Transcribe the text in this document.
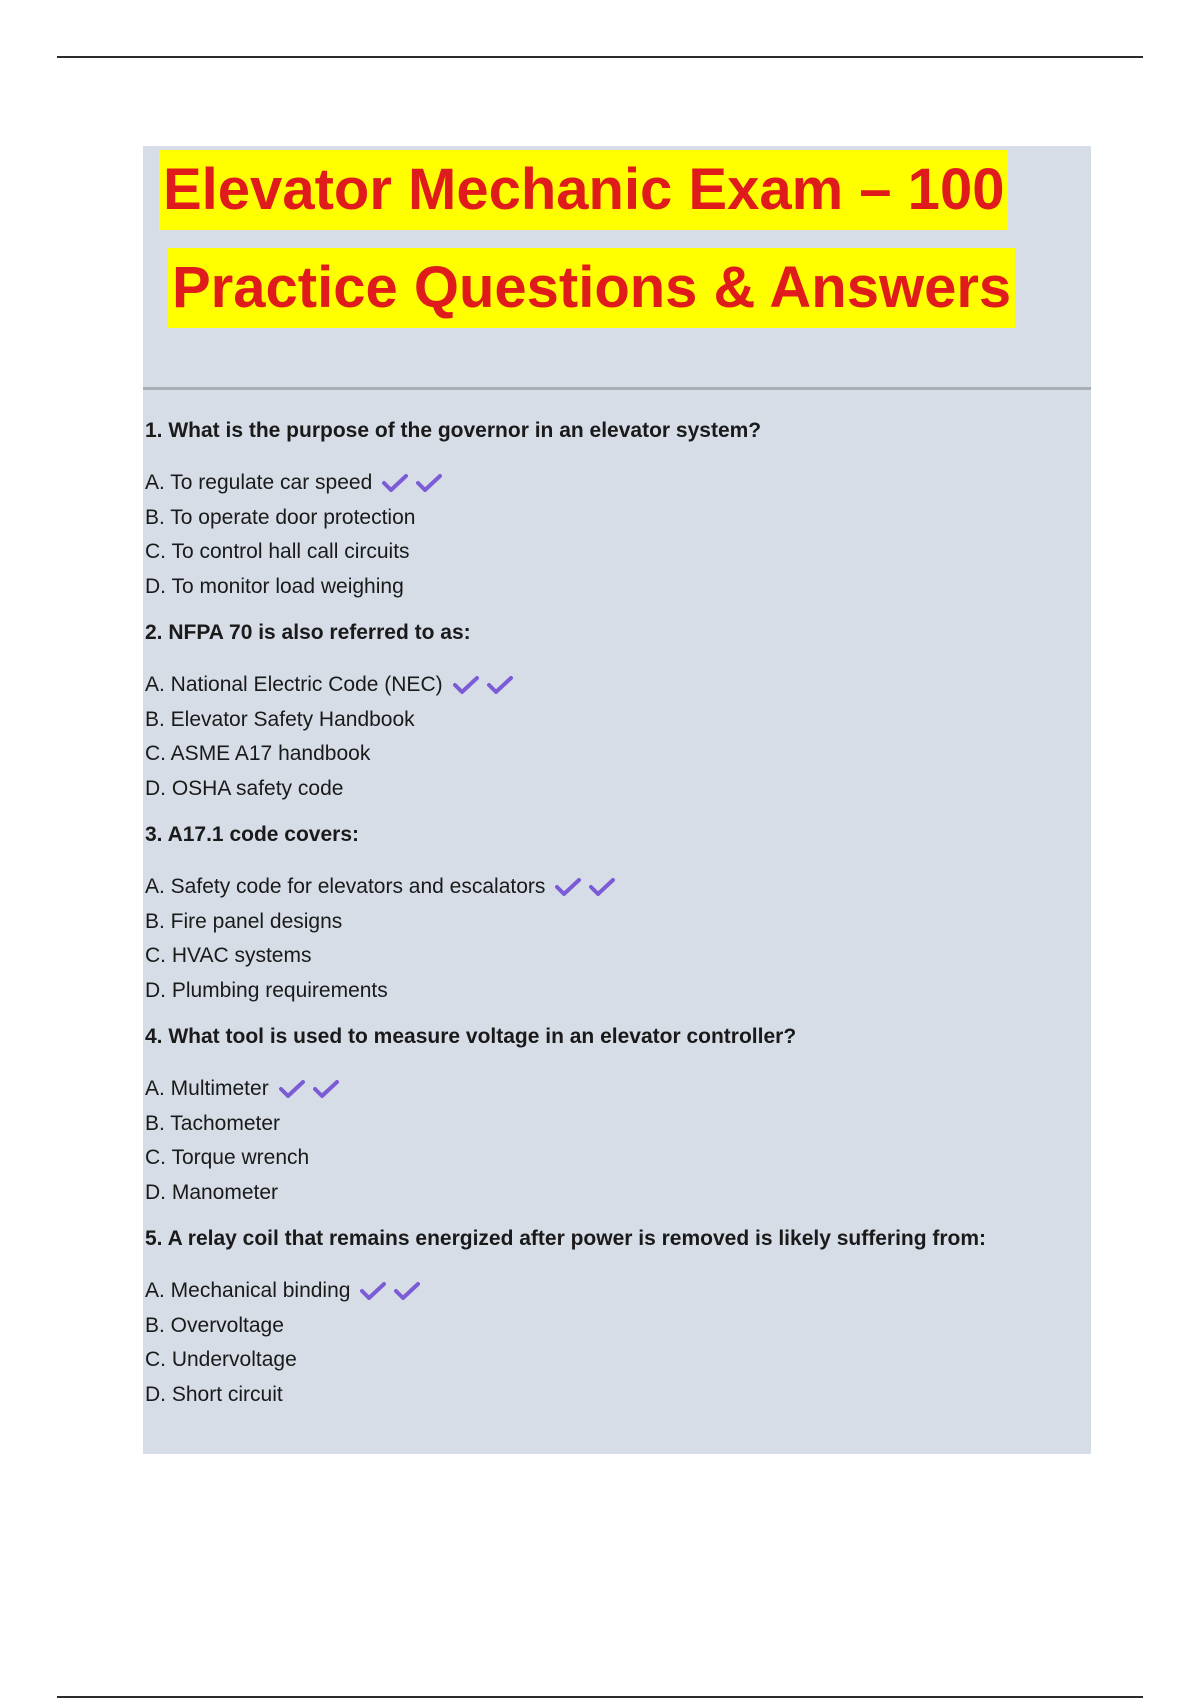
Elevator Mechanic Exam – 100
Practice Questions & Answers
1. What is the purpose of the governor in an elevator system?
A. To regulate car speed
B. To operate door protection
C. To control hall call circuits
D. To monitor load weighing
2. NFPA 70 is also referred to as:
A. National Electric Code (NEC)
B. Elevator Safety Handbook
C. ASME A17 handbook
D. OSHA safety code
3. A17.1 code covers:
A. Safety code for elevators and escalators
B. Fire panel designs
C. HVAC systems
D. Plumbing requirements
4. What tool is used to measure voltage in an elevator controller?
A. Multimeter
B. Tachometer
C. Torque wrench
D. Manometer
5. A relay coil that remains energized after power is removed is likely suffering from:
A. Mechanical binding
B. Overvoltage
C. Undervoltage
D. Short circuit
